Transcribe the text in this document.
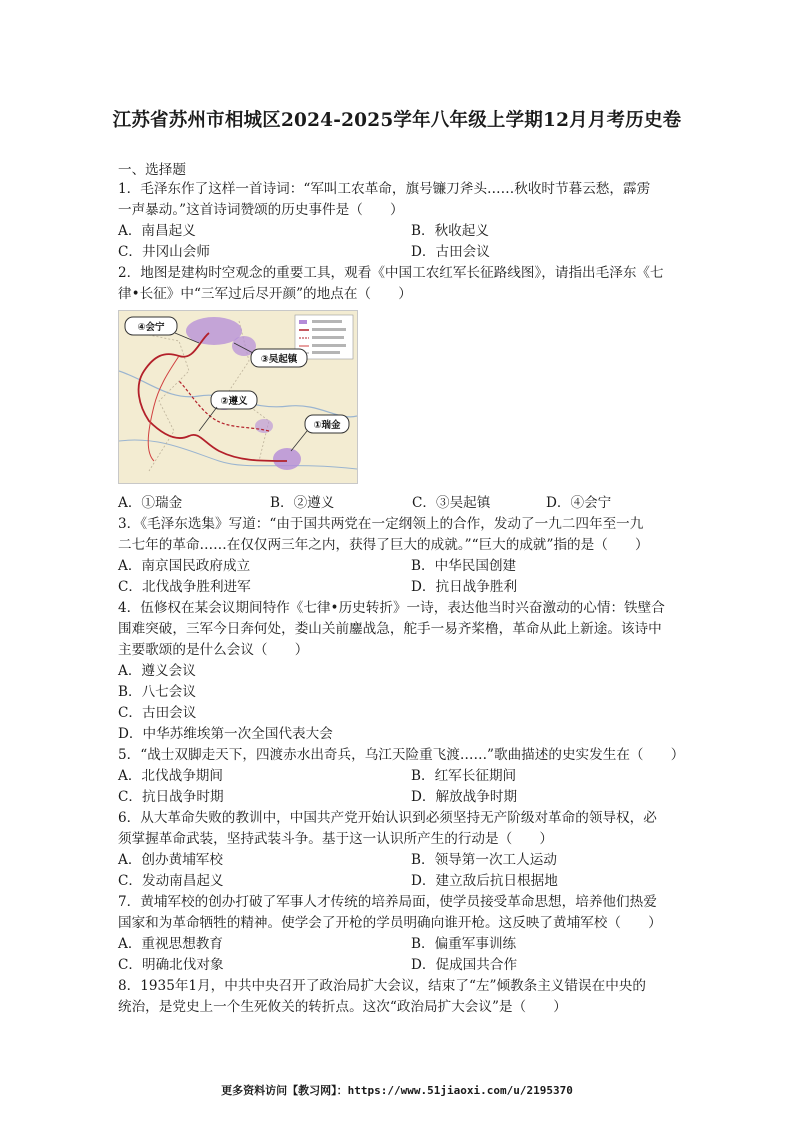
江苏省苏州市相城区2024-2025学年八年级上学期12月月考历史卷
一、选择题
1．毛泽东作了这样一首诗词：“军叫工农革命，旗号镰刀斧头……秋收时节暮云愁，霹雳
一声暴动。”这首诗词赞颂的历史事件是（　　）
A．南昌起义	B．秋收起义
C．井冈山会师	D．古田会议
2．地图是建构时空观念的重要工具，观看《中国工农红军长征路线图》，请指出毛泽东《七
律•长征》中“三军过后尽开颜”的地点在（　　）
④会宁
③吴起镇
②遵义
①瑞金
A．①瑞金	B．②遵义	C．③吴起镇	D．④会宁
3．《毛泽东选集》写道：“由于国共两党在一定纲领上的合作，发动了一九二四年至一九
二七年的革命……在仅仅两三年之内，获得了巨大的成就。”“巨大的成就”指的是（　　）
A．南京国民政府成立	B．中华民国创建
C．北伐战争胜利进军	D．抗日战争胜利
4．伍修权在某会议期间特作《七律•历史转折》一诗，表达他当时兴奋激动的心情：铁壁合
围难突破，三军今日奔何处，娄山关前鏖战急，舵手一易齐桨橹，革命从此上新途。该诗中
主要歌颂的是什么会议（　　）
A．遵义会议
B．八七会议
C．古田会议
D．中华苏维埃第一次全国代表大会
5．“战士双脚走天下，四渡赤水出奇兵，乌江天险重飞渡……”歌曲描述的史实发生在（　　）
A．北伐战争期间	B．红军长征期间
C．抗日战争时期	D．解放战争时期
6．从大革命失败的教训中，中国共产党开始认识到必须坚持无产阶级对革命的领导权，必
须掌握革命武装，坚持武装斗争。基于这一认识所产生的行动是（　　）
A．创办黄埔军校	B．领导第一次工人运动
C．发动南昌起义	D．建立敌后抗日根据地
7．黄埔军校的创办打破了军事人才传统的培养局面，使学员接受革命思想，培养他们热爱
国家和为革命牺牲的精神。使学会了开枪的学员明确向谁开枪。这反映了黄埔军校（　　）
A．重视思想教育	B．偏重军事训练
C．明确北伐对象	D．促成国共合作
8．1935年1月，中共中央召开了政治局扩大会议，结束了“左”倾教条主义错误在中央的
统治，是党史上一个生死攸关的转折点。这次“政治局扩大会议”是（　　）
更多资料访问【教习网】：https://www.51jiaoxi.com/u/2195370
